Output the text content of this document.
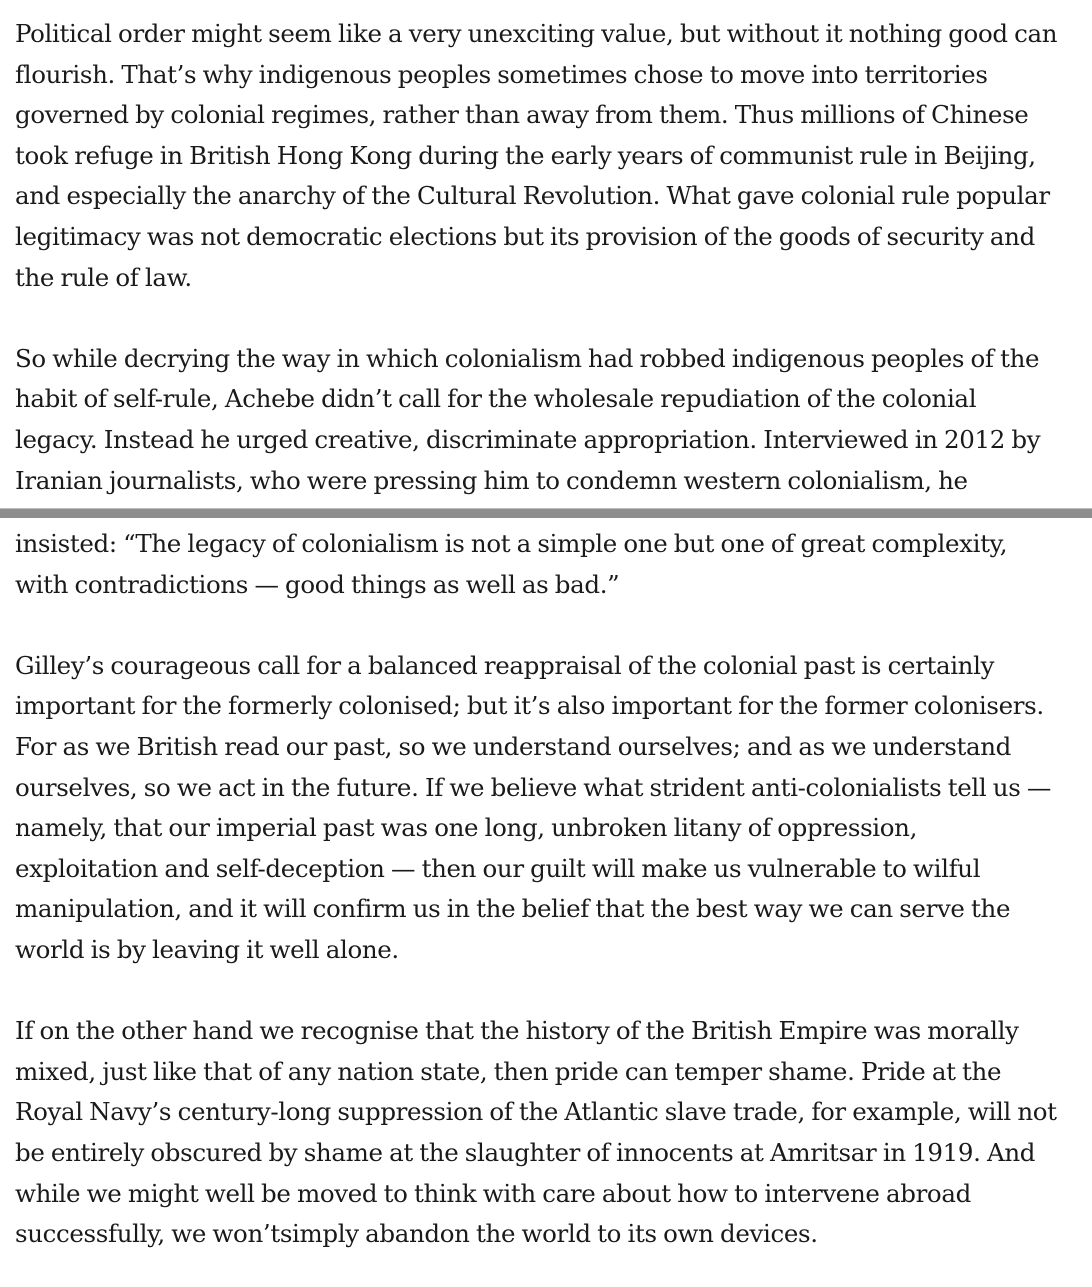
Political order might seem like a very unexciting value, but without it nothing good can
flourish. That’s why indigenous peoples sometimes chose to move into territories
governed by colonial regimes, rather than away from them. Thus millions of Chinese
took refuge in British Hong Kong during the early years of communist rule in Beijing,
and especially the anarchy of the Cultural Revolution. What gave colonial rule popular
legitimacy was not democratic elections but its provision of the goods of security and
the rule of law.
So while decrying the way in which colonialism had robbed indigenous peoples of the
habit of self-rule, Achebe didn’t call for the wholesale repudiation of the colonial
legacy. Instead he urged creative, discriminate appropriation. Interviewed in 2012 by
Iranian journalists, who were pressing him to condemn western colonialism, he
insisted: “The legacy of colonialism is not a simple one but one of great complexity,
with contradictions — good things as well as bad.”
Gilley’s courageous call for a balanced reappraisal of the colonial past is certainly
important for the formerly colonised; but it’s also important for the former colonisers.
For as we British read our past, so we understand ourselves; and as we understand
ourselves, so we act in the future. If we believe what strident anti-colonialists tell us —
namely, that our imperial past was one long, unbroken litany of oppression,
exploitation and self-deception — then our guilt will make us vulnerable to wilful
manipulation, and it will confirm us in the belief that the best way we can serve the
world is by leaving it well alone.
If on the other hand we recognise that the history of the British Empire was morally
mixed, just like that of any nation state, then pride can temper shame. Pride at the
Royal Navy’s century-long suppression of the Atlantic slave trade, for example, will not
be entirely obscured by shame at the slaughter of innocents at Amritsar in 1919. And
while we might well be moved to think with care about how to intervene abroad
successfully, we won’tsimply abandon the world to its own devices.
